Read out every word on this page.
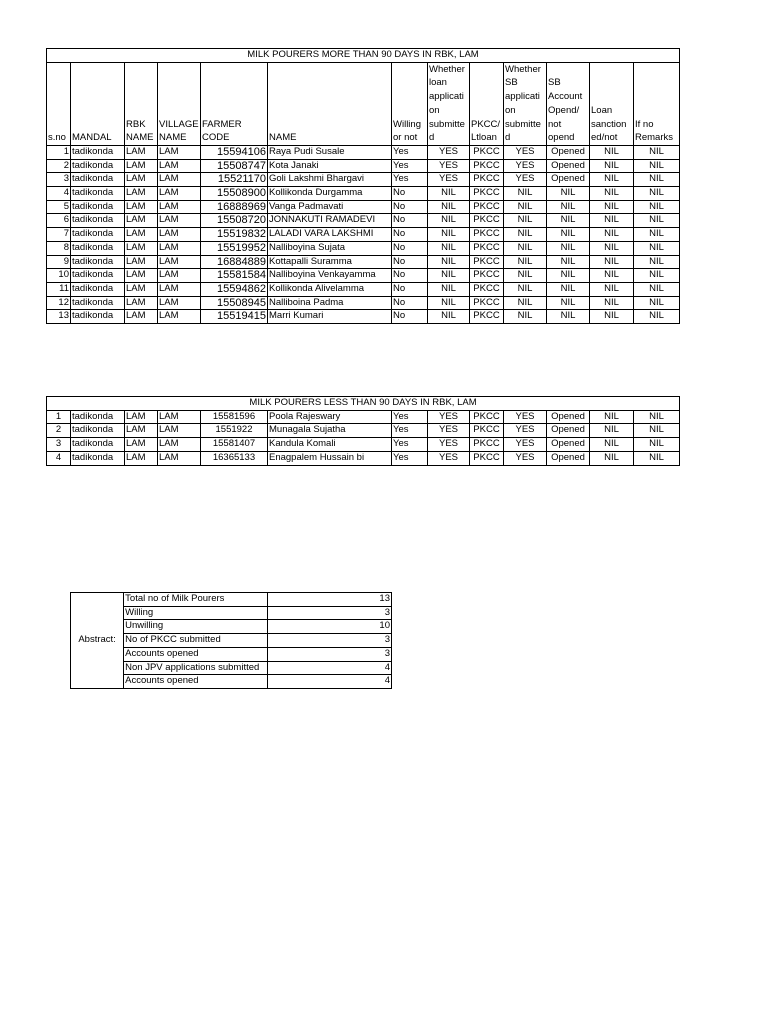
MILK POURERS MORE THAN 90 DAYS IN RBK, LAM												
s.no	MANDAL	RBK NAME	VILLAGE NAME	FARMER CODE	NAME	Willing or not	Whether loan applicati on submitte d	PKCC/ Ltloan	Whether SB applicati on submitte d	SB Account Opend/ not opend	Loan sanction ed/not	If no Remarks
1	tadikonda	LAM	LAM	15594106	Raya Pudi Susale	Yes	YES	PKCC	YES	Opened	NIL	NIL
2	tadikonda	LAM	LAM	15508747	Kota Janaki	Yes	YES	PKCC	YES	Opened	NIL	NIL
3	tadikonda	LAM	LAM	15521170	Goli Lakshmi Bhargavi	Yes	YES	PKCC	YES	Opened	NIL	NIL
4	tadikonda	LAM	LAM	15508900	Kollikonda Durgamma	No	NIL	PKCC	NIL	NIL	NIL	NIL
5	tadikonda	LAM	LAM	16888969	Vanga Padmavati	No	NIL	PKCC	NIL	NIL	NIL	NIL
6	tadikonda	LAM	LAM	15508720	JONNAKUTI RAMADEVI	No	NIL	PKCC	NIL	NIL	NIL	NIL
7	tadikonda	LAM	LAM	15519832	LALADI VARA LAKSHMI	No	NIL	PKCC	NIL	NIL	NIL	NIL
8	tadikonda	LAM	LAM	15519952	Nalliboyina Sujata	No	NIL	PKCC	NIL	NIL	NIL	NIL
9	tadikonda	LAM	LAM	16884889	Kottapalli Suramma	No	NIL	PKCC	NIL	NIL	NIL	NIL
10	tadikonda	LAM	LAM	15581584	Nalliboyina Venkayamma	No	NIL	PKCC	NIL	NIL	NIL	NIL
11	tadikonda	LAM	LAM	15594862	Kollikonda Alivelamma	No	NIL	PKCC	NIL	NIL	NIL	NIL
12	tadikonda	LAM	LAM	15508945	Nalliboina Padma	No	NIL	PKCC	NIL	NIL	NIL	NIL
13	tadikonda	LAM	LAM	15519415	Marri Kumari	No	NIL	PKCC	NIL	NIL	NIL	NIL
MILK POURERS LESS THAN 90 DAYS IN RBK, LAM												
1	tadikonda	LAM	LAM	15581596	Poola Rajeswary	Yes	YES	PKCC	YES	Opened	NIL	NIL
2	tadikonda	LAM	LAM	1551922	Munagala Sujatha	Yes	YES	PKCC	YES	Opened	NIL	NIL
3	tadikonda	LAM	LAM	15581407	Kandula Komali	Yes	YES	PKCC	YES	Opened	NIL	NIL
4	tadikonda	LAM	LAM	16365133	Enagpalem Hussain bi	Yes	YES	PKCC	YES	Opened	NIL	NIL
Abstract:	Total no of Milk Pourers	13
	Willing	3
	Unwilling	10
	No of PKCC submitted	3
	Accounts opened	3
	Non JPV applications submitted	4
	Accounts opened	4
